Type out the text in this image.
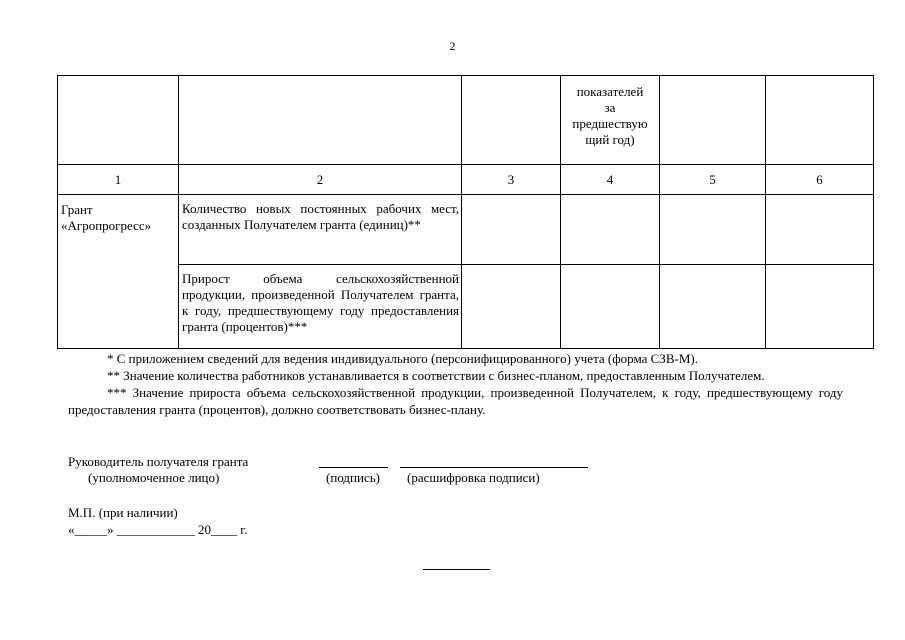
2

			показателей
за
предшествую
щий год)		

1	2	3	4	5	6

Грант
«Агропрогресс»	Количество новых постоянных рабочих мест, созданных Получателем гранта (единиц)**				
	Прирост объема сельскохозяйственной продукции, произведенной Получателем гранта, к году, предшествующему году предоставления гранта (процентов)***				

* С приложением сведений для ведения индивидуального (персонифицированного) учета (форма СЗВ-М).

** Значение количества работников устанавливается в соответствии с бизнес-планом, предоставленным Получателем.

*** Значение прироста объема сельскохозяйственной продукции, произведенной Получателем, к году, предшествующему году предоставления гранта (процентов), должно соответствовать бизнес-плану.

Руководитель получателя гранта
(уполномоченное лицо)	(подпись) (расшифровка подписи)
М.П. (при наличии)
«_____» ____________ 20____ г.
